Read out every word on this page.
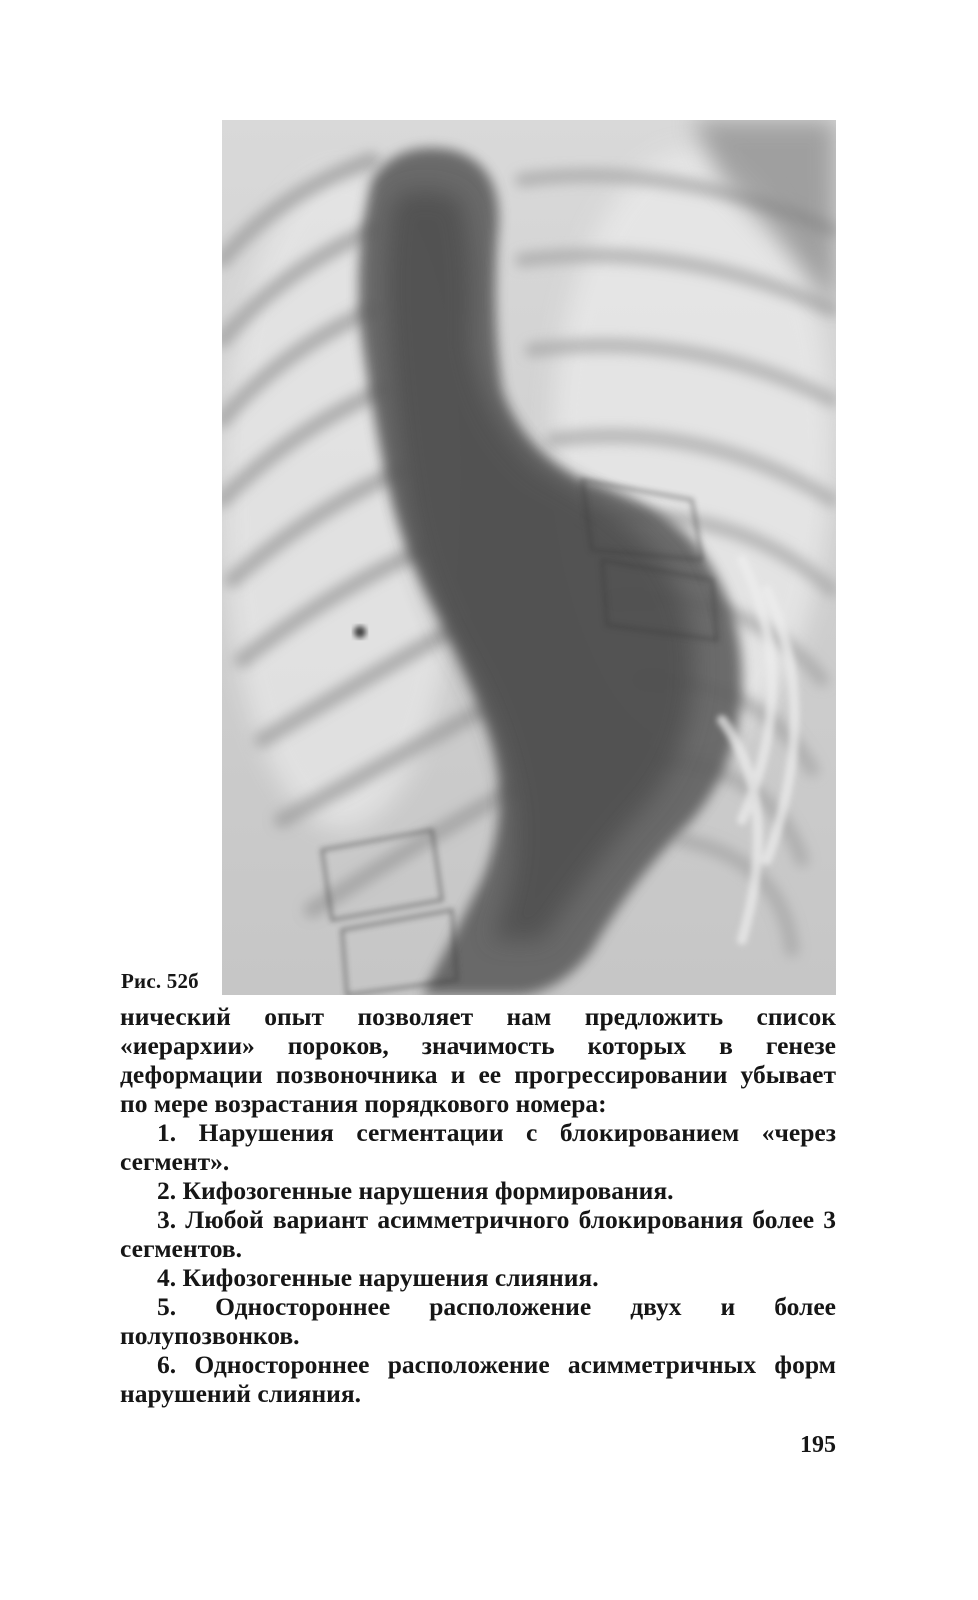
Рис. 52б

нический опыт позволяет нам предложить список «иерархии» пороков, значимость которых в генезе деформации позвоночника и ее прогрессировании убывает по мере возрастания порядкового номера:

1. Нарушения сегментации с блокированием «через сегмент».

2. Кифозогенные нарушения формирования.

3. Любой вариант асимметричного блокирования более 3 сегментов.

4. Кифозогенные нарушения слияния.

5. Одностороннее расположение двух и более полупозвонков.

6. Одностороннее расположение асимметричных форм нарушений слияния.

195
